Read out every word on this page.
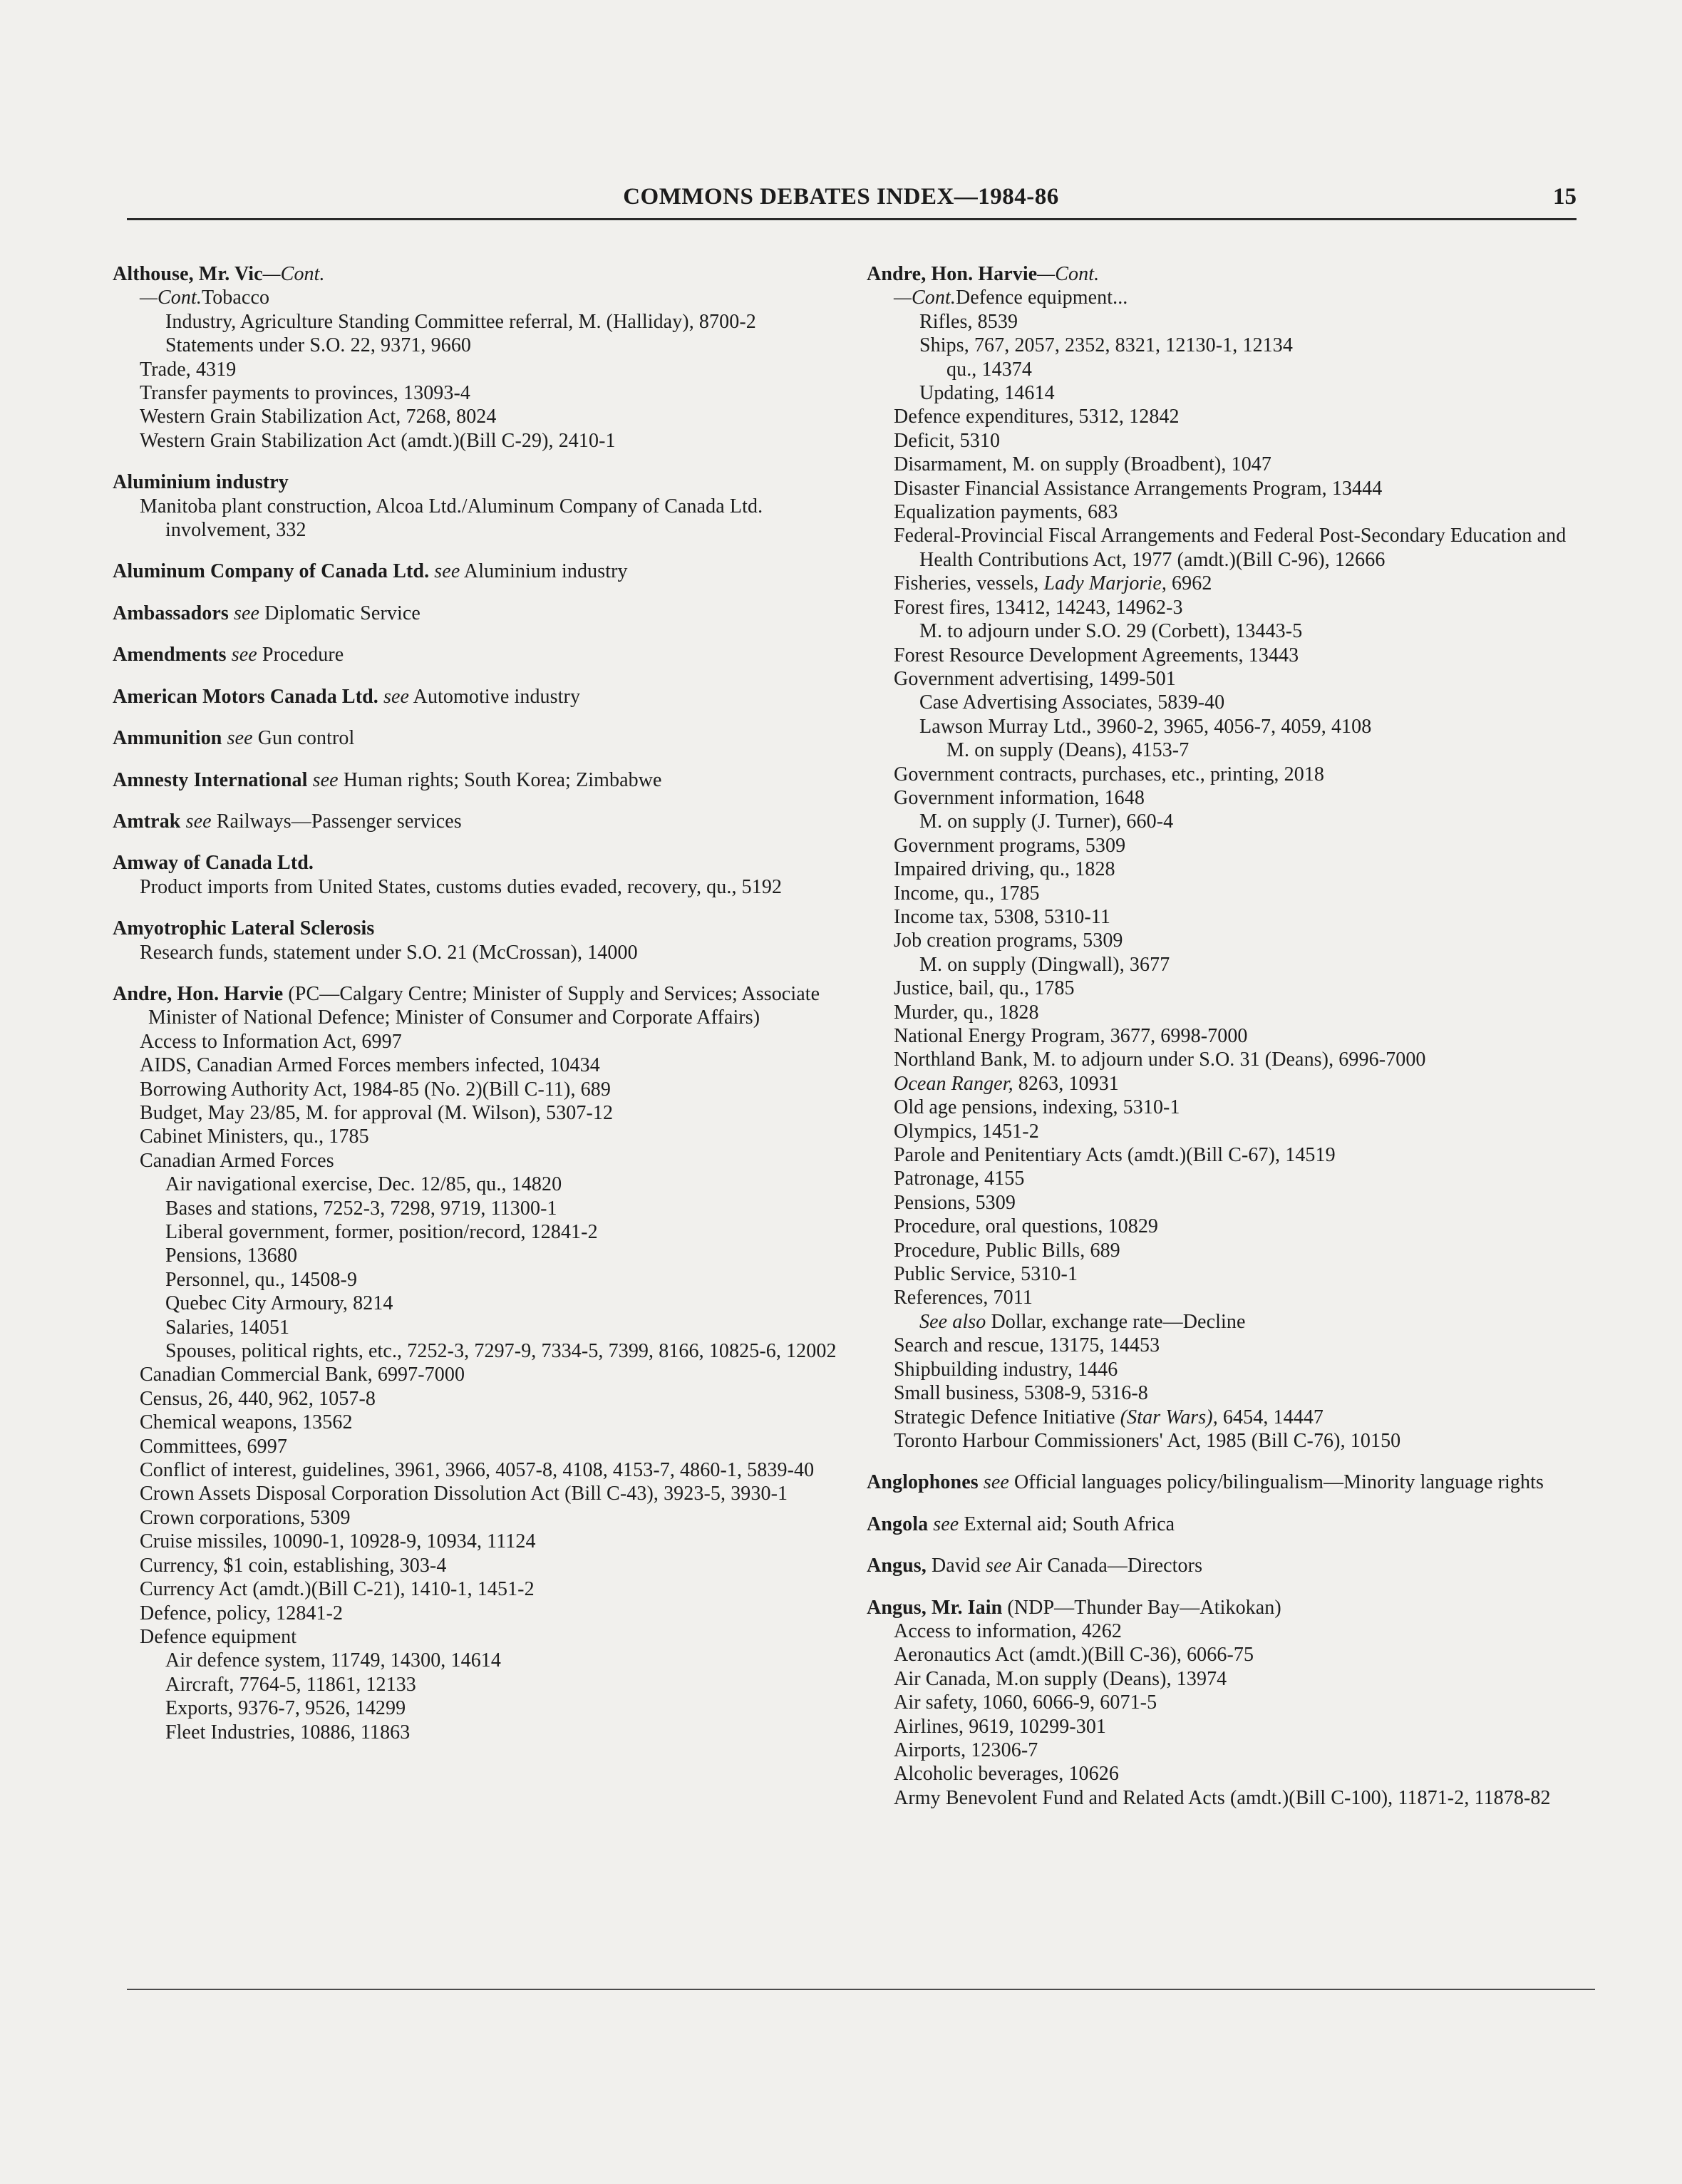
COMMONS DEBATES INDEX—1984-86	15
Althouse, Mr. Vic—Cont.
—Cont.Tobacco
Industry, Agriculture Standing Committee referral, M. (Halliday), 8700-2
Statements under S.O. 22, 9371, 9660
Trade, 4319
Transfer payments to provinces, 13093-4
Western Grain Stabilization Act, 7268, 8024
Western Grain Stabilization Act (amdt.)(Bill C-29), 2410-1
Aluminium industry
Manitoba plant construction, Alcoa Ltd./Aluminum Company of Canada Ltd. involvement, 332
Aluminum Company of Canada Ltd. see Aluminium industry
Ambassadors see Diplomatic Service
Amendments see Procedure
American Motors Canada Ltd. see Automotive industry
Ammunition see Gun control
Amnesty International see Human rights; South Korea; Zimbabwe
Amtrak see Railways—Passenger services
Amway of Canada Ltd.
Product imports from United States, customs duties evaded, recovery, qu., 5192
Amyotrophic Lateral Sclerosis
Research funds, statement under S.O. 21 (McCrossan), 14000
Andre, Hon. Harvie (PC—Calgary Centre; Minister of Supply and Services; Associate Minister of National Defence; Minister of Consumer and Corporate Affairs)
Access to Information Act, 6997
AIDS, Canadian Armed Forces members infected, 10434
Borrowing Authority Act, 1984-85 (No. 2)(Bill C-11), 689
Budget, May 23/85, M. for approval (M. Wilson), 5307-12
Cabinet Ministers, qu., 1785
Canadian Armed Forces
Air navigational exercise, Dec. 12/85, qu., 14820
Bases and stations, 7252-3, 7298, 9719, 11300-1
Liberal government, former, position/record, 12841-2
Pensions, 13680
Personnel, qu., 14508-9
Quebec City Armoury, 8214
Salaries, 14051
Spouses, political rights, etc., 7252-3, 7297-9, 7334-5, 7399, 8166, 10825-6, 12002
Canadian Commercial Bank, 6997-7000
Census, 26, 440, 962, 1057-8
Chemical weapons, 13562
Committees, 6997
Conflict of interest, guidelines, 3961, 3966, 4057-8, 4108, 4153-7, 4860-1, 5839-40
Crown Assets Disposal Corporation Dissolution Act (Bill C-43), 3923-5, 3930-1
Crown corporations, 5309
Cruise missiles, 10090-1, 10928-9, 10934, 11124
Currency, $1 coin, establishing, 303-4
Currency Act (amdt.)(Bill C-21), 1410-1, 1451-2
Defence, policy, 12841-2
Defence equipment
Air defence system, 11749, 14300, 14614
Aircraft, 7764-5, 11861, 12133
Exports, 9376-7, 9526, 14299
Fleet Industries, 10886, 11863
Andre, Hon. Harvie—Cont.
—Cont.Defence equipment...
Rifles, 8539
Ships, 767, 2057, 2352, 8321, 12130-1, 12134
qu., 14374
Updating, 14614
Defence expenditures, 5312, 12842
Deficit, 5310
Disarmament, M. on supply (Broadbent), 1047
Disaster Financial Assistance Arrangements Program, 13444
Equalization payments, 683
Federal-Provincial Fiscal Arrangements and Federal Post-Secondary Education and Health Contributions Act, 1977 (amdt.)(Bill C-96), 12666
Fisheries, vessels, Lady Marjorie, 6962
Forest fires, 13412, 14243, 14962-3
M. to adjourn under S.O. 29 (Corbett), 13443-5
Forest Resource Development Agreements, 13443
Government advertising, 1499-501
Case Advertising Associates, 5839-40
Lawson Murray Ltd., 3960-2, 3965, 4056-7, 4059, 4108
M. on supply (Deans), 4153-7
Government contracts, purchases, etc., printing, 2018
Government information, 1648
M. on supply (J. Turner), 660-4
Government programs, 5309
Impaired driving, qu., 1828
Income, qu., 1785
Income tax, 5308, 5310-11
Job creation programs, 5309
M. on supply (Dingwall), 3677
Justice, bail, qu., 1785
Murder, qu., 1828
National Energy Program, 3677, 6998-7000
Northland Bank, M. to adjourn under S.O. 31 (Deans), 6996-7000
Ocean Ranger, 8263, 10931
Old age pensions, indexing, 5310-1
Olympics, 1451-2
Parole and Penitentiary Acts (amdt.)(Bill C-67), 14519
Patronage, 4155
Pensions, 5309
Procedure, oral questions, 10829
Procedure, Public Bills, 689
Public Service, 5310-1
References, 7011
See also Dollar, exchange rate—Decline
Search and rescue, 13175, 14453
Shipbuilding industry, 1446
Small business, 5308-9, 5316-8
Strategic Defence Initiative (Star Wars), 6454, 14447
Toronto Harbour Commissioners' Act, 1985 (Bill C-76), 10150
Anglophones see Official languages policy/bilingualism—Minority language rights
Angola see External aid; South Africa
Angus, David see Air Canada—Directors
Angus, Mr. Iain (NDP—Thunder Bay—Atikokan)
Access to information, 4262
Aeronautics Act (amdt.)(Bill C-36), 6066-75
Air Canada, M.on supply (Deans), 13974
Air safety, 1060, 6066-9, 6071-5
Airlines, 9619, 10299-301
Airports, 12306-7
Alcoholic beverages, 10626
Army Benevolent Fund and Related Acts (amdt.)(Bill C-100), 11871-2, 11878-82
